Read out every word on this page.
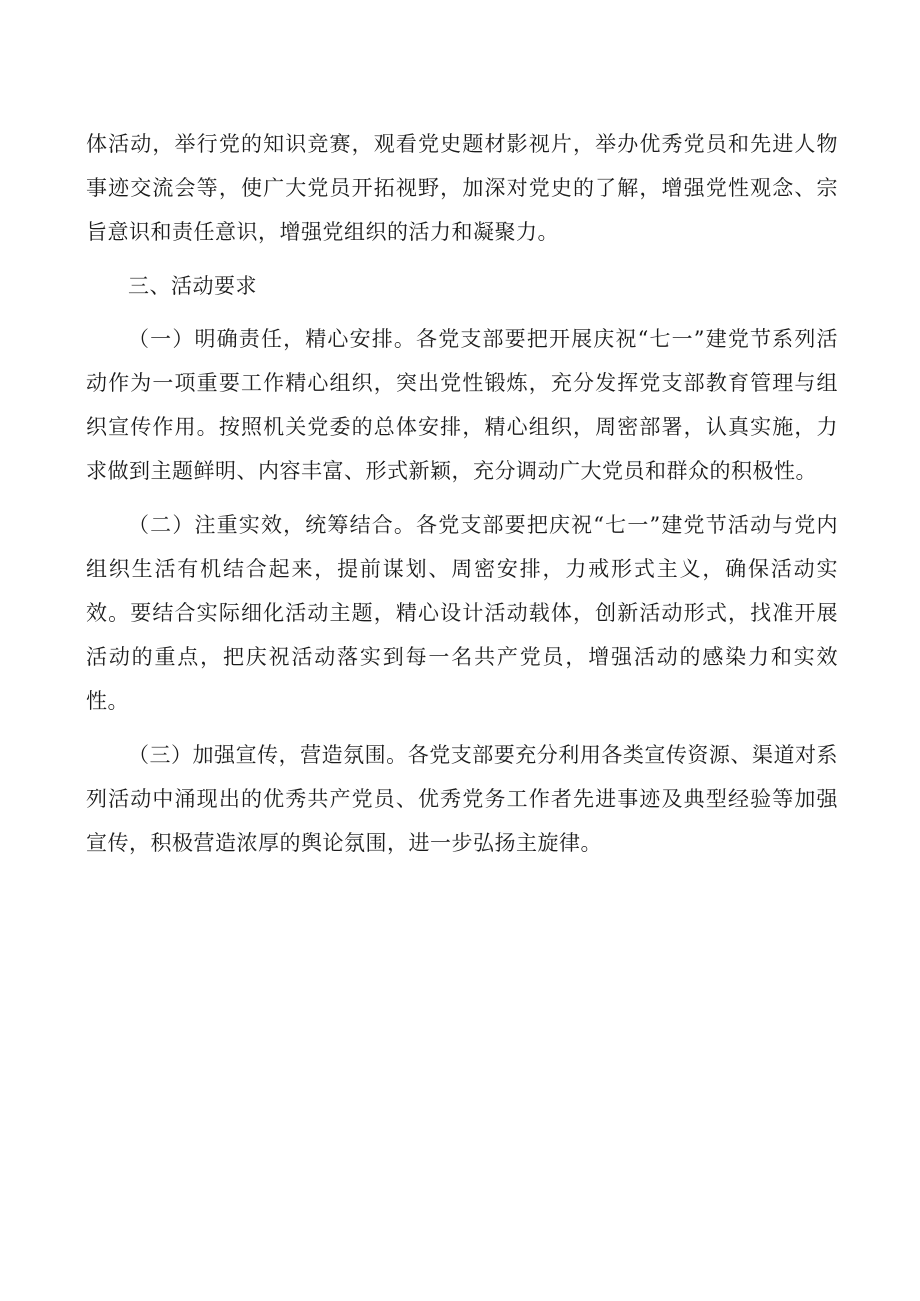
体活动，举行党的知识竞赛，观看党史题材影视片，举办优秀党员和先进人物事迹交流会等，使广大党员开拓视野，加深对党史的了解，增强党性观念、宗旨意识和责任意识，增强党组织的活力和凝聚力。

三、活动要求

（一）明确责任，精心安排。各党支部要把开展庆祝“七一”建党节系列活动作为一项重要工作精心组织，突出党性锻炼，充分发挥党支部教育管理与组织宣传作用。按照机关党委的总体安排，精心组织，周密部署，认真实施，力求做到主题鲜明、内容丰富、形式新颖，充分调动广大党员和群众的积极性。

（二）注重实效，统筹结合。各党支部要把庆祝“七一”建党节活动与党内组织生活有机结合起来，提前谋划、周密安排，力戒形式主义，确保活动实效。要结合实际细化活动主题，精心设计活动载体，创新活动形式，找准开展活动的重点，把庆祝活动落实到每一名共产党员，增强活动的感染力和实效性。

（三）加强宣传，营造氛围。各党支部要充分利用各类宣传资源、渠道对系列活动中涌现出的优秀共产党员、优秀党务工作者先进事迹及典型经验等加强宣传，积极营造浓厚的舆论氛围，进一步弘扬主旋律。
